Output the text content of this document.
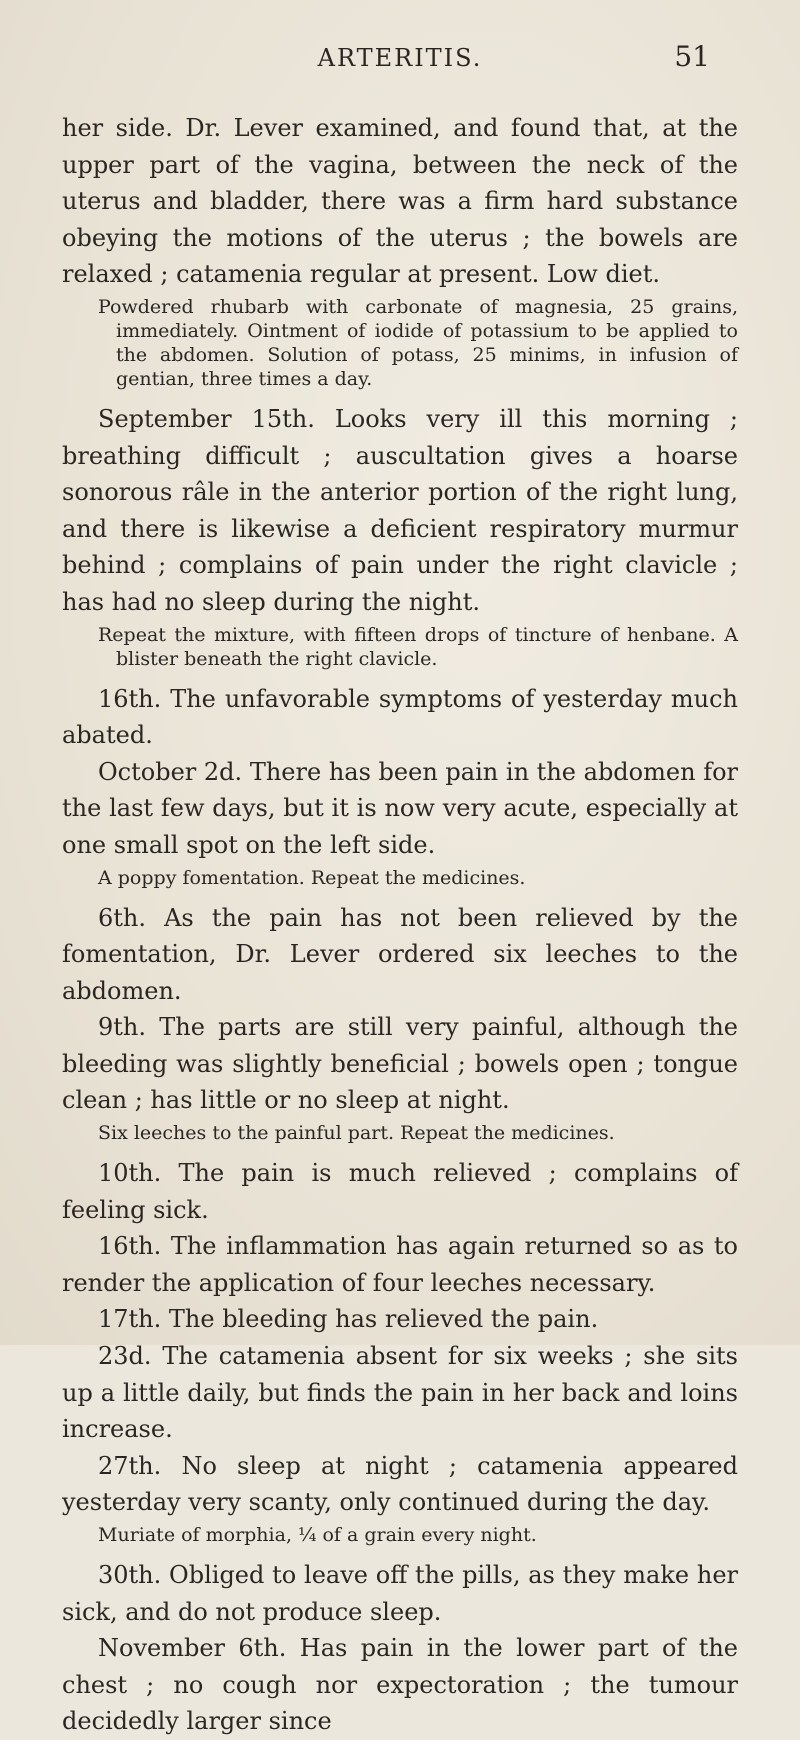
ARTERITIS.	51

her side. Dr. Lever examined, and found that, at the upper part of the vagina, between the neck of the uterus and bladder, there was a firm hard substance obeying the motions of the uterus ; the bowels are relaxed ; catamenia regular at present. Low diet.

Powdered rhubarb with carbonate of magnesia, 25 grains, immediately. Ointment of iodide of potassium to be applied to the abdomen. Solution of potass, 25 minims, in infusion of gentian, three times a day.

September 15th. Looks very ill this morning ; breathing difficult ; auscultation gives a hoarse sonorous râle in the anterior portion of the right lung, and there is likewise a deficient respiratory murmur behind ; complains of pain under the right clavicle ; has had no sleep during the night.

Repeat the mixture, with fifteen drops of tincture of henbane. A blister beneath the right clavicle.

16th. The unfavorable symptoms of yesterday much abated.

October 2d. There has been pain in the abdomen for the last few days, but it is now very acute, especially at one small spot on the left side.

A poppy fomentation. Repeat the medicines.

6th. As the pain has not been relieved by the fomentation, Dr. Lever ordered six leeches to the abdomen.

9th. The parts are still very painful, although the bleeding was slightly beneficial ; bowels open ; tongue clean ; has little or no sleep at night.

Six leeches to the painful part. Repeat the medicines.

10th. The pain is much relieved ; complains of feeling sick.

16th. The inflammation has again returned so as to render the application of four leeches necessary.

17th. The bleeding has relieved the pain.

23d. The catamenia absent for six weeks ; she sits up a little daily, but finds the pain in her back and loins increase.

27th. No sleep at night ; catamenia appeared yesterday very scanty, only continued during the day.

Muriate of morphia, ¼ of a grain every night.

30th. Obliged to leave off the pills, as they make her sick, and do not produce sleep.

November 6th. Has pain in the lower part of the chest ; no cough nor expectoration ; the tumour decidedly larger since
